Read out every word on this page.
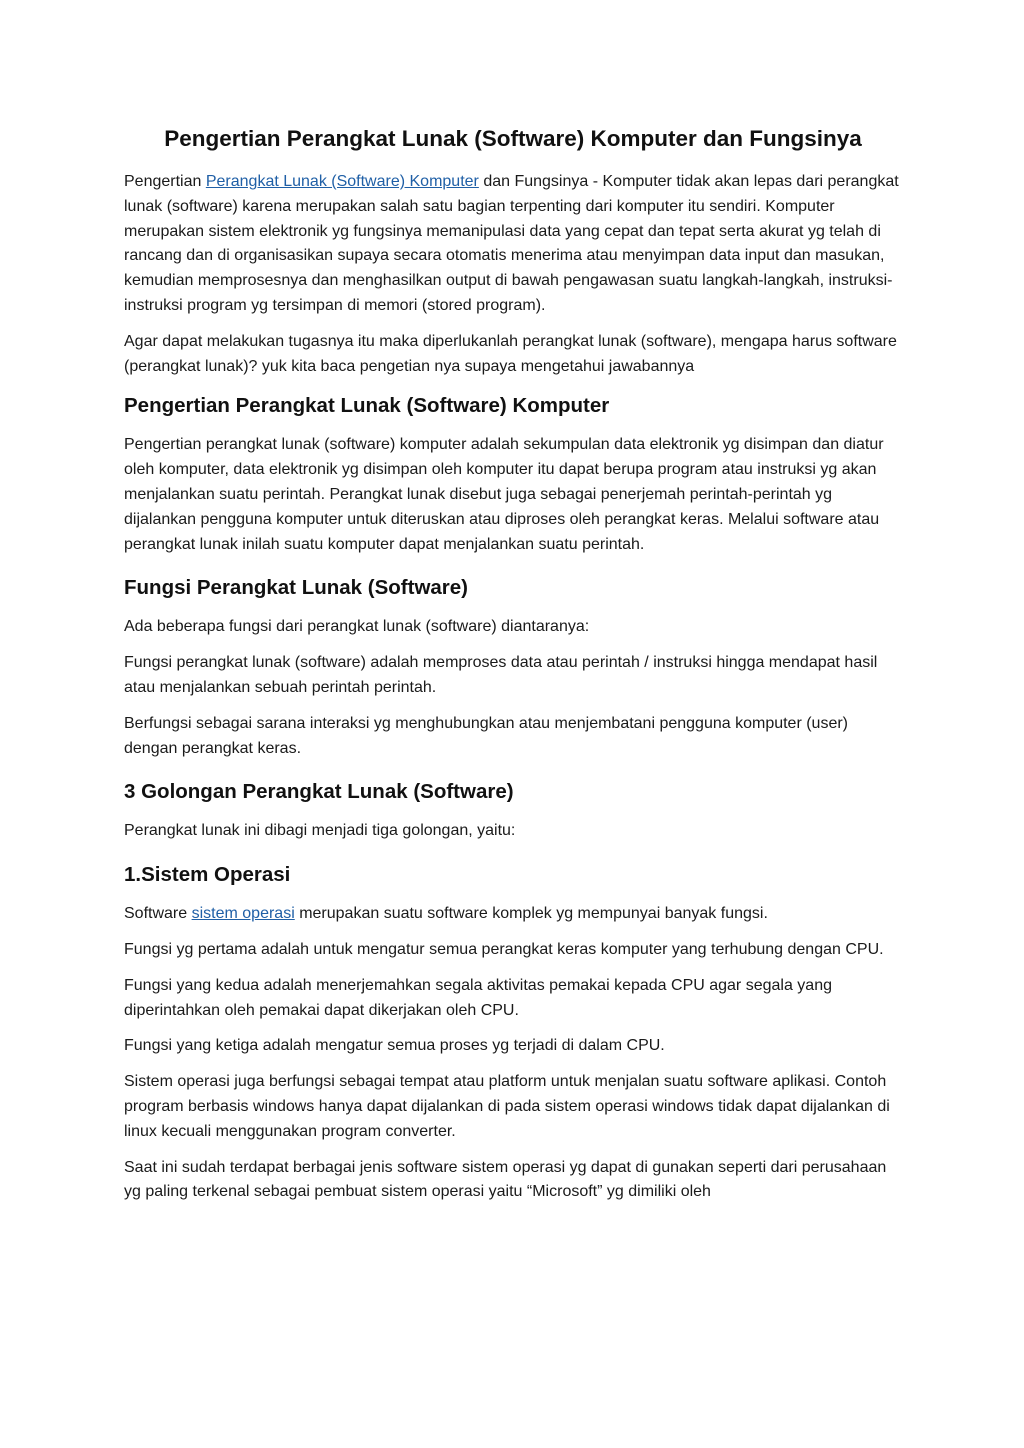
Pengertian Perangkat Lunak (Software) Komputer dan Fungsinya

Pengertian Perangkat Lunak (Software) Komputer dan Fungsinya - Komputer tidak akan lepas dari perangkat lunak (software) karena merupakan salah satu bagian terpenting dari komputer itu sendiri. Komputer merupakan sistem elektronik yg fungsinya memanipulasi data yang cepat dan tepat serta akurat yg telah di rancang dan di organisasikan supaya secara otomatis menerima atau menyimpan data input dan masukan, kemudian memprosesnya dan menghasilkan output di bawah pengawasan suatu langkah-langkah, instruksi-instruksi program yg tersimpan di memori (stored program).

Agar dapat melakukan tugasnya itu maka diperlukanlah perangkat lunak (software), mengapa harus software (perangkat lunak)? yuk kita baca pengetian nya supaya mengetahui jawabannya

Pengertian Perangkat Lunak (Software) Komputer

Pengertian perangkat lunak (software) komputer adalah sekumpulan data elektronik yg disimpan dan diatur oleh komputer, data elektronik yg disimpan oleh komputer itu dapat berupa program atau instruksi yg akan menjalankan suatu perintah. Perangkat lunak disebut juga sebagai penerjemah perintah-perintah yg dijalankan pengguna komputer untuk diteruskan atau diproses oleh perangkat keras. Melalui software atau perangkat lunak inilah suatu komputer dapat menjalankan suatu perintah.

Fungsi Perangkat Lunak (Software)

Ada beberapa fungsi dari perangkat lunak (software) diantaranya:

Fungsi perangkat lunak (software) adalah memproses data atau perintah / instruksi hingga mendapat hasil atau menjalankan sebuah perintah perintah.

Berfungsi sebagai sarana interaksi yg menghubungkan atau menjembatani pengguna komputer (user) dengan perangkat keras.

3 Golongan Perangkat Lunak (Software)

Perangkat lunak ini dibagi menjadi tiga golongan, yaitu:

1.Sistem Operasi

Software sistem operasi merupakan suatu software komplek yg mempunyai banyak fungsi.

Fungsi yg pertama adalah untuk mengatur semua perangkat keras komputer yang terhubung dengan CPU.

Fungsi yang kedua adalah menerjemahkan segala aktivitas pemakai kepada CPU agar segala yang diperintahkan oleh pemakai dapat dikerjakan oleh CPU.

Fungsi yang ketiga adalah mengatur semua proses yg terjadi di dalam CPU.

Sistem operasi juga berfungsi sebagai tempat atau platform untuk menjalan suatu software aplikasi. Contoh program berbasis windows hanya dapat dijalankan di pada sistem operasi windows tidak dapat dijalankan di linux kecuali menggunakan program converter.

Saat ini sudah terdapat berbagai jenis software sistem operasi yg dapat di gunakan seperti dari perusahaan yg paling terkenal sebagai pembuat sistem operasi yaitu “Microsoft” yg dimiliki oleh
